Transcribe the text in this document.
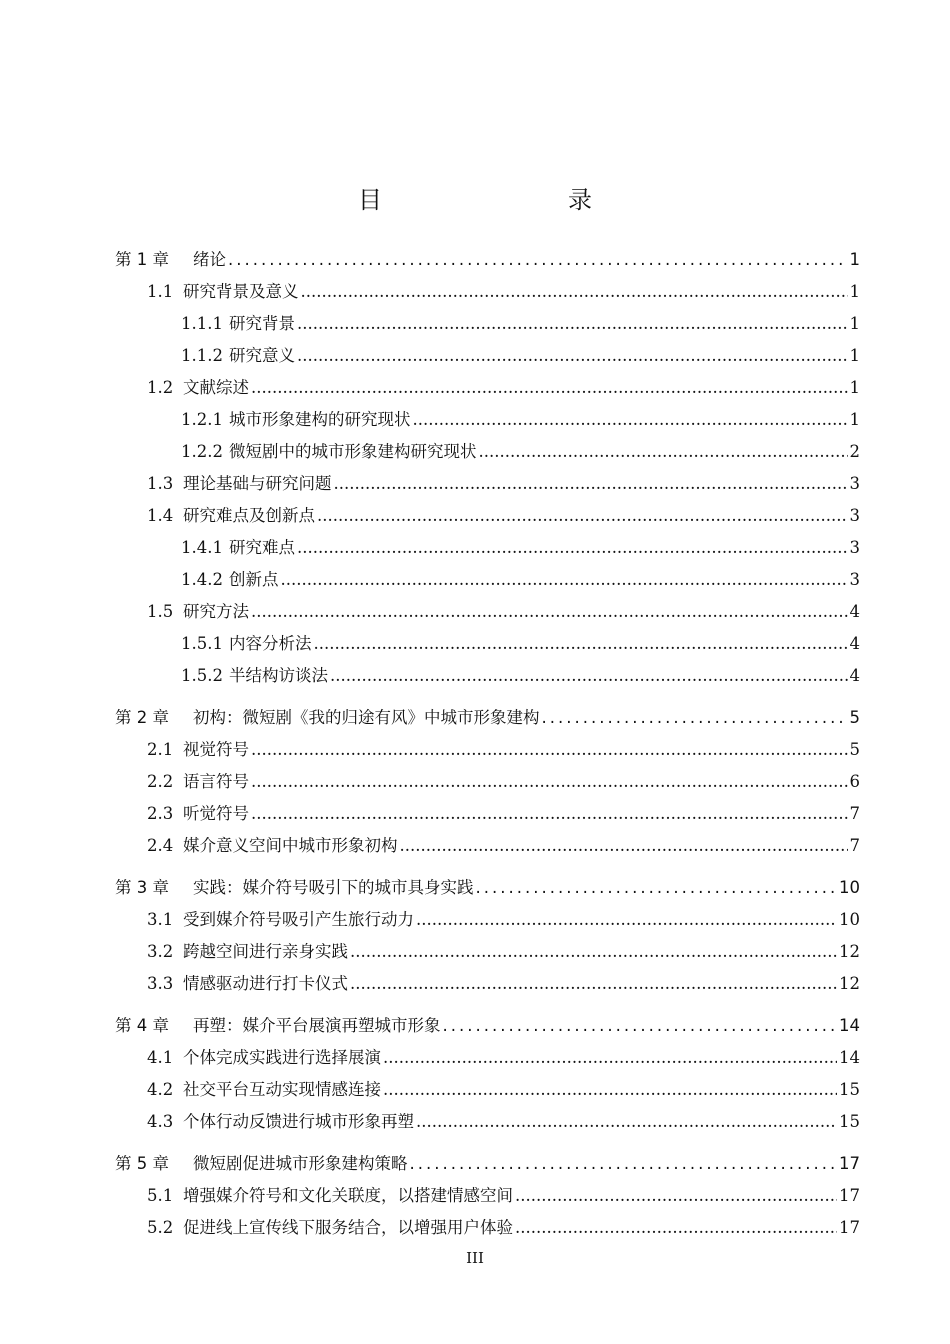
目　　录
第 1 章	绪论 .....	1
1.1 研究背景及意义 .....	1
1.1.1 研究背景 .....	1
1.1.2 研究意义 .....	1
1.2 文献综述 .....	1
1.2.1 城市形象建构的研究现状 .....	1
1.2.2 微短剧中的城市形象建构研究现状 .....	2
1.3 理论基础与研究问题 .....	3
1.4 研究难点及创新点 .....	3
1.4.1 研究难点 .....	3
1.4.2 创新点 .....	3
1.5 研究方法 .....	4
1.5.1 内容分析法 .....	4
1.5.2 半结构访谈法 .....	4
第 2 章	初构：微短剧《我的归途有风》中城市形象建构 .....	5
2.1 视觉符号 .....	5
2.2 语言符号 .....	6
2.3 听觉符号 .....	7
2.4 媒介意义空间中城市形象初构 .....	7
第 3 章	实践：媒介符号吸引下的城市具身实践 .....	10
3.1 受到媒介符号吸引产生旅行动力 .....	10
3.2 跨越空间进行亲身实践 .....	12
3.3 情感驱动进行打卡仪式 .....	12
第 4 章	再塑：媒介平台展演再塑城市形象 .....	14
4.1 个体完成实践进行选择展演 .....	14
4.2 社交平台互动实现情感连接 .....	15
4.3 个体行动反馈进行城市形象再塑 .....	15
第 5 章	微短剧促进城市形象建构策略 .....	17
5.1 增强媒介符号和文化关联度，以搭建情感空间 .....	17
5.2 促进线上宣传线下服务结合，以增强用户体验 .....	17
III
